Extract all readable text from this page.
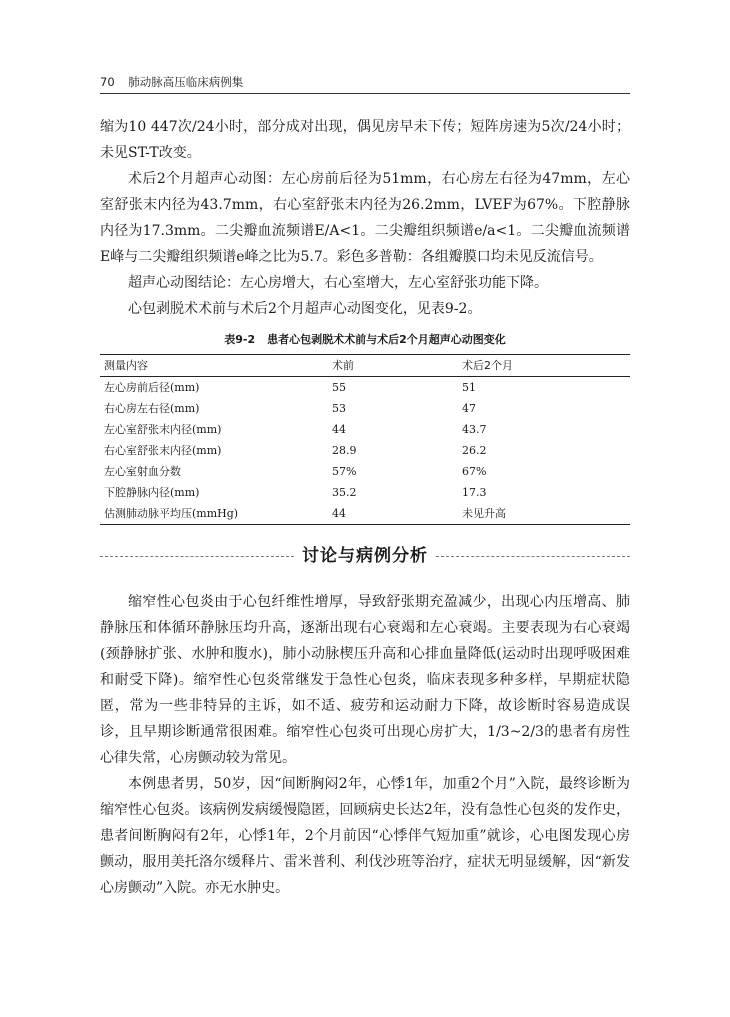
70 肺动脉高压临床病例集

缩为10 447次/24小时，部分成对出现，偶见房早未下传；短阵房速为5次/24小时；未见ST-T改变。

术后2个月超声心动图：左心房前后径为51mm，右心房左右径为47mm，左心室舒张末内径为43.7mm，右心室舒张末内径为26.2mm，LVEF为67%。下腔静脉内径为17.3mm。二尖瓣血流频谱E/A<1。二尖瓣组织频谱e/a<1。二尖瓣血流频谱E峰与二尖瓣组织频谱e峰之比为5.7。彩色多普勒：各组瓣膜口均未见反流信号。

超声心动图结论：左心房增大，右心室增大，左心室舒张功能下降。

心包剥脱术术前与术后2个月超声心动图变化，见表9-2。

表9-2 患者心包剥脱术术前与术后2个月超声心动图变化
测量内容	术前	术后2个月
左心房前后径(mm)	55	51
右心房左右径(mm)	53	47
左心室舒张末内径(mm)	44	43.7
右心室舒张末内径(mm)	28.9	26.2
左心室射血分数	57%	67%
下腔静脉内径(mm)	35.2	17.3
估测肺动脉平均压(mmHg)	44	未见升高
讨论与病例分析

缩窄性心包炎由于心包纤维性增厚，导致舒张期充盈减少，出现心内压增高、肺静脉压和体循环静脉压均升高，逐渐出现右心衰竭和左心衰竭。主要表现为右心衰竭(颈静脉扩张、水肿和腹水)，肺小动脉楔压升高和心排血量降低(运动时出现呼吸困难和耐受下降)。缩窄性心包炎常继发于急性心包炎，临床表现多种多样，早期症状隐匿，常为一些非特异的主诉，如不适、疲劳和运动耐力下降，故诊断时容易造成误诊，且早期诊断通常很困难。缩窄性心包炎可出现心房扩大，1/3~2/3的患者有房性心律失常，心房颤动较为常见。

本例患者男，50岁，因“间断胸闷2年，心悸1年，加重2个月”入院，最终诊断为缩窄性心包炎。该病例发病缓慢隐匿，回顾病史长达2年，没有急性心包炎的发作史，患者间断胸闷有2年，心悸1年，2个月前因“心悸伴气短加重”就诊，心电图发现心房颤动，服用美托洛尔缓释片、雷米普利、利伐沙班等治疗，症状无明显缓解，因“新发心房颤动”入院。亦无水肿史。
